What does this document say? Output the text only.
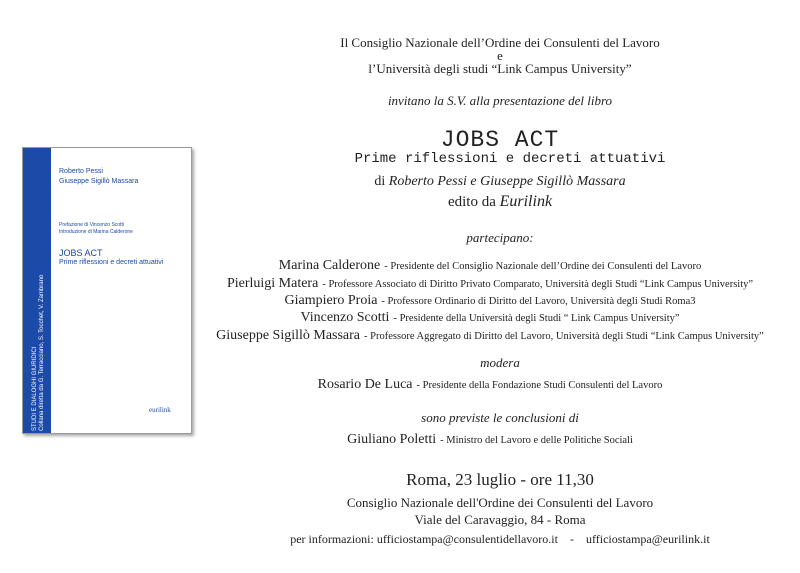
STUDI E DIALOGHI GIURIDICI Collana diretta da G. Terracciano, S. Tocchet, V. Zambrano
Roberto Pessi
Giuseppe Sigillò Massara
Prefazione di Vincenzo Scotti
Introduzione di Marina Calderone
JOBS ACT
Prime riflessioni e decreti attuativi
eurilink
Il Consiglio Nazionale dell’Ordine dei Consulenti del Lavoro
e
l’Università degli studi “Link Campus University”
invitano la S.V. alla presentazione del libro
JOBS ACT
Prime riflessioni e decreti attuativi
di Roberto Pessi e Giuseppe Sigillò Massara
edito da Eurilink
partecipano:
Marina Calderone - Presidente del Consiglio Nazionale dell’Ordine dei Consulenti del Lavoro
Pierluigi Matera - Professore Associato di Diritto Privato Comparato, Università degli Studi “Link Campus University”
Giampiero Proia - Professore Ordinario di Diritto del Lavoro, Università degli Studi Roma3
Vincenzo Scotti - Presidente della Università degli Studi “ Link Campus University”
Giuseppe Sigillò Massara - Professore Aggregato di Diritto del Lavoro, Università degli Studi “Link Campus University”
modera
Rosario De Luca - Presidente della Fondazione Studi Consulenti del Lavoro
sono previste le conclusioni di
Giuliano Poletti - Ministro del Lavoro e delle Politiche Sociali
Roma, 23 luglio - ore 11,30
Consiglio Nazionale dell'Ordine dei Consulenti del Lavoro
Viale del Caravaggio, 84 - Roma
per informazioni: ufficiostampa@consulentidellavoro.it - ufficiostampa@eurilink.it
